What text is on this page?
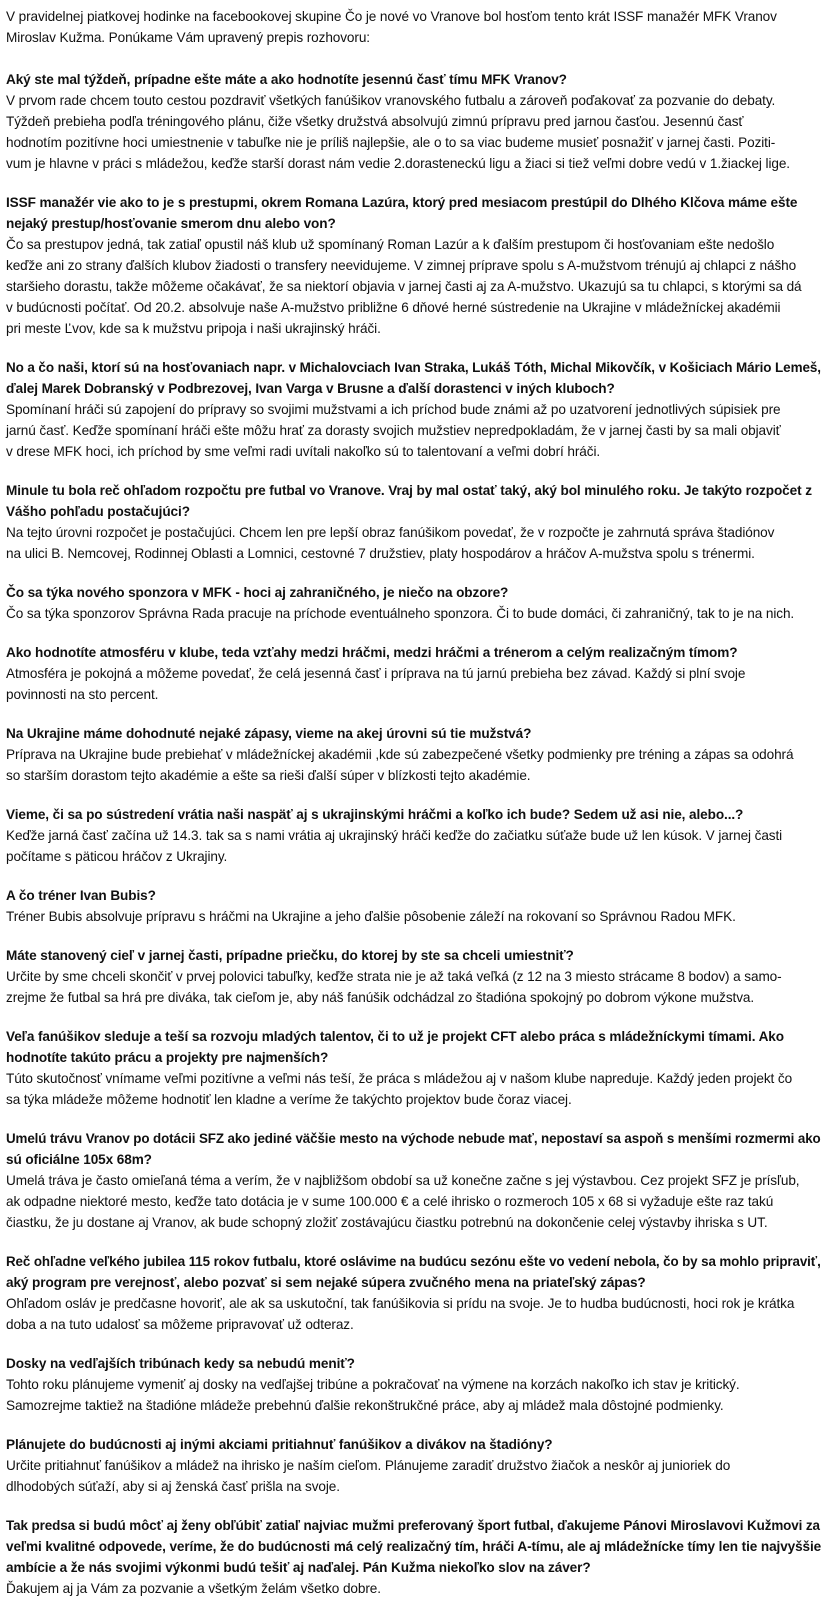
V pravidelnej piatkovej hodinke na facebookovej skupine Čo je nové vo Vranove bol hosťom tento krát ISSF manažér MFK Vranov

Miroslav Kužma. Ponúkame Vám upravený prepis rozhovoru:

Aký ste mal týždeň, prípadne ešte máte a ako hodnotíte jesennú časť tímu MFK Vranov?

V prvom rade chcem touto cestou pozdraviť všetkých fanúšikov vranovského futbalu a zároveň poďakovať za pozvanie do debaty.

Týždeň prebieha podľa tréningového plánu, čiže všetky družstvá absolvujú zimnú prípravu pred jarnou časťou. Jesennú časť

hodnotím pozitívne hoci umiestnenie v tabuľke nie je príliš najlepšie, ale o to sa viac budeme musieť posnažiť v jarnej časti. Poziti-

vum je hlavne v práci s mládežou, keďže starší dorast nám vedie 2.dorasteneckú ligu a žiaci si tiež veľmi dobre vedú v 1.žiackej lige.

ISSF manažér vie ako to je s prestupmi, okrem Romana Lazúra, ktorý pred mesiacom prestúpil do Dlhého Klčova máme ešte

nejaký prestup/hosťovanie smerom dnu alebo von?

Čo sa prestupov jedná, tak zatiaľ opustil náš klub už spomínaný Roman Lazúr a k ďalším prestupom či hosťovaniam ešte nedošlo

keďže ani zo strany ďalších klubov žiadosti o transfery neevidujeme. V zimnej príprave spolu s A-mužstvom trénujú aj chlapci z nášho

staršieho dorastu, takže môžeme očakávať, že sa niektorí objavia v jarnej časti aj za A-mužstvo. Ukazujú sa tu chlapci, s ktorými sa dá

v budúcnosti počítať. Od 20.2. absolvuje naše A-mužstvo približne 6 dňové herné sústredenie na Ukrajine v mládežníckej akadémii

pri meste Ľvov, kde sa k mužstvu pripoja i naši ukrajinský hráči.

No a čo naši, ktorí sú na hosťovaniach napr. v Michalovciach Ivan Straka, Lukáš Tóth, Michal Mikovčík, v Košiciach Mário Lemeš,

ďalej Marek Dobranský v Podbrezovej, Ivan Varga v Brusne a ďalší dorastenci v iných kluboch?

Spomínaní hráči sú zapojení do prípravy so svojimi mužstvami a ich príchod bude známi až po uzatvorení jednotlivých súpisiek pre

jarnú časť. Keďže spomínaní hráči ešte môžu hrať za dorasty svojich mužstiev nepredpokladám, že v jarnej časti by sa mali objaviť

v drese MFK hoci, ich príchod by sme veľmi radi uvítali nakoľko sú to talentovaní a veľmi dobrí hráči.

Minule tu bola reč ohľadom rozpočtu pre futbal vo Vranove. Vraj by mal ostať taký, aký bol minulého roku. Je takýto rozpočet z

Vášho pohľadu postačujúci?

Na tejto úrovni rozpočet je postačujúci. Chcem len pre lepší obraz fanúšikom povedať, že v rozpočte je zahrnutá správa štadiónov

na ulici B. Nemcovej, Rodinnej Oblasti a Lomnici, cestovné 7 družstiev, platy hospodárov a hráčov A-mužstva spolu s trénermi.

Čo sa týka nového sponzora v MFK - hoci aj zahraničného, je niečo na obzore?

Čo sa týka sponzorov Správna Rada pracuje na príchode eventuálneho sponzora. Či to bude domáci, či zahraničný, tak to je na nich.

Ako hodnotíte atmosféru v klube, teda vzťahy medzi hráčmi, medzi hráčmi a trénerom a celým realizačným tímom?

Atmosféra je pokojná a môžeme povedať, že celá jesenná časť i príprava na tú jarnú prebieha bez závad. Každý si plní svoje

povinnosti na sto percent.

Na Ukrajine máme dohodnuté nejaké zápasy, vieme na akej úrovni sú tie mužstvá?

Príprava na Ukrajine bude prebiehať v mládežníckej akadémii ,kde sú zabezpečené všetky podmienky pre tréning a zápas sa odohrá

so starším dorastom tejto akadémie a ešte sa rieši ďalší súper v blízkosti tejto akadémie.

Vieme, či sa po sústredení vrátia naši naspäť aj s ukrajinskými hráčmi a koľko ich bude? Sedem už asi nie, alebo...?

Keďže jarná časť začína už 14.3. tak sa s nami vrátia aj ukrajinský hráči keďže do začiatku súťaže bude už len kúsok. V jarnej časti

počítame s päticou hráčov z Ukrajiny.

A čo tréner Ivan Bubis?

Tréner Bubis absolvuje prípravu s hráčmi na Ukrajine a jeho ďalšie pôsobenie záleží na rokovaní so Správnou Radou MFK.

Máte stanovený cieľ v jarnej časti, prípadne priečku, do ktorej by ste sa chceli umiestniť?

Určite by sme chceli skončiť v prvej polovici tabuľky, keďže strata nie je až taká veľká (z 12 na 3 miesto strácame 8 bodov) a samo-

zrejme že futbal sa hrá pre diváka, tak cieľom je, aby náš fanúšik odchádzal zo štadióna spokojný po dobrom výkone mužstva.

Veľa fanúšikov sleduje a teší sa rozvoju mladých talentov, či to už je projekt CFT alebo práca s mládežníckymi tímami. Ako

hodnotíte takúto prácu a projekty pre najmenších?

Túto skutočnosť vnímame veľmi pozitívne a veľmi nás teší, že práca s mládežou aj v našom klube napreduje. Každý jeden projekt čo

sa týka mládeže môžeme hodnotiť len kladne a veríme že takýchto projektov bude čoraz viacej.

Umelú trávu Vranov po dotácii SFZ ako jediné väčšie mesto na východe nebude mať, nepostaví sa aspoň s menšími rozmermi ako

sú oficiálne 105x 68m?

Umelá tráva je často omieľaná téma a verím, že v najbližšom období sa už konečne začne s jej výstavbou. Cez projekt SFZ je prísľub,

ak odpadne niektoré mesto, keďže tato dotácia je v sume 100.000 € a celé ihrisko o rozmeroch 105 x 68 si vyžaduje ešte raz takú

čiastku, že ju dostane aj Vranov, ak bude schopný zložiť zostávajúcu čiastku potrebnú na dokončenie celej výstavby ihriska s UT.

Reč ohľadne veľkého jubilea 115 rokov futbalu, ktoré oslávime na budúcu sezónu ešte vo vedení nebola, čo by sa mohlo pripraviť,

aký program pre verejnosť, alebo pozvať si sem nejaké súpera zvučného mena na priateľský zápas?

Ohľadom osláv je predčasne hovoriť, ale ak sa uskutoční, tak fanúšikovia si prídu na svoje. Je to hudba budúcnosti, hoci rok je krátka

doba a na tuto udalosť sa môžeme pripravovať už odteraz.

Dosky na vedľajších tribúnach kedy sa nebudú meniť?

Tohto roku plánujeme vymeniť aj dosky na vedľajšej tribúne a pokračovať na výmene na korzách nakoľko ich stav je kritický.

Samozrejme taktiež na štadióne mládeže prebehnú ďalšie rekonštrukčné práce, aby aj mládež mala dôstojné podmienky.

Plánujete do budúcnosti aj inými akciami pritiahnuť fanúšikov a divákov na štadióny?

Určite pritiahnuť fanúšikov a mládež na ihrisko je naším cieľom. Plánujeme zaradiť družstvo žiačok a neskôr aj junioriek do

dlhodobých súťaží, aby si aj ženská časť prišla na svoje.

Tak predsa si budú môcť aj ženy obľúbiť zatiaľ najviac mužmi preferovaný šport futbal, ďakujeme Pánovi Miroslavovi Kužmovi za

veľmi kvalitné odpovede, veríme, že do budúcnosti má celý realizačný tím, hráči A-tímu, ale aj mládežnícke tímy len tie najvyššie

ambície a že nás svojimi výkonmi budú tešiť aj naďalej. Pán Kužma niekoľko slov na záver?

Ďakujem aj ja Vám za pozvanie a všetkým želám všetko dobre.
